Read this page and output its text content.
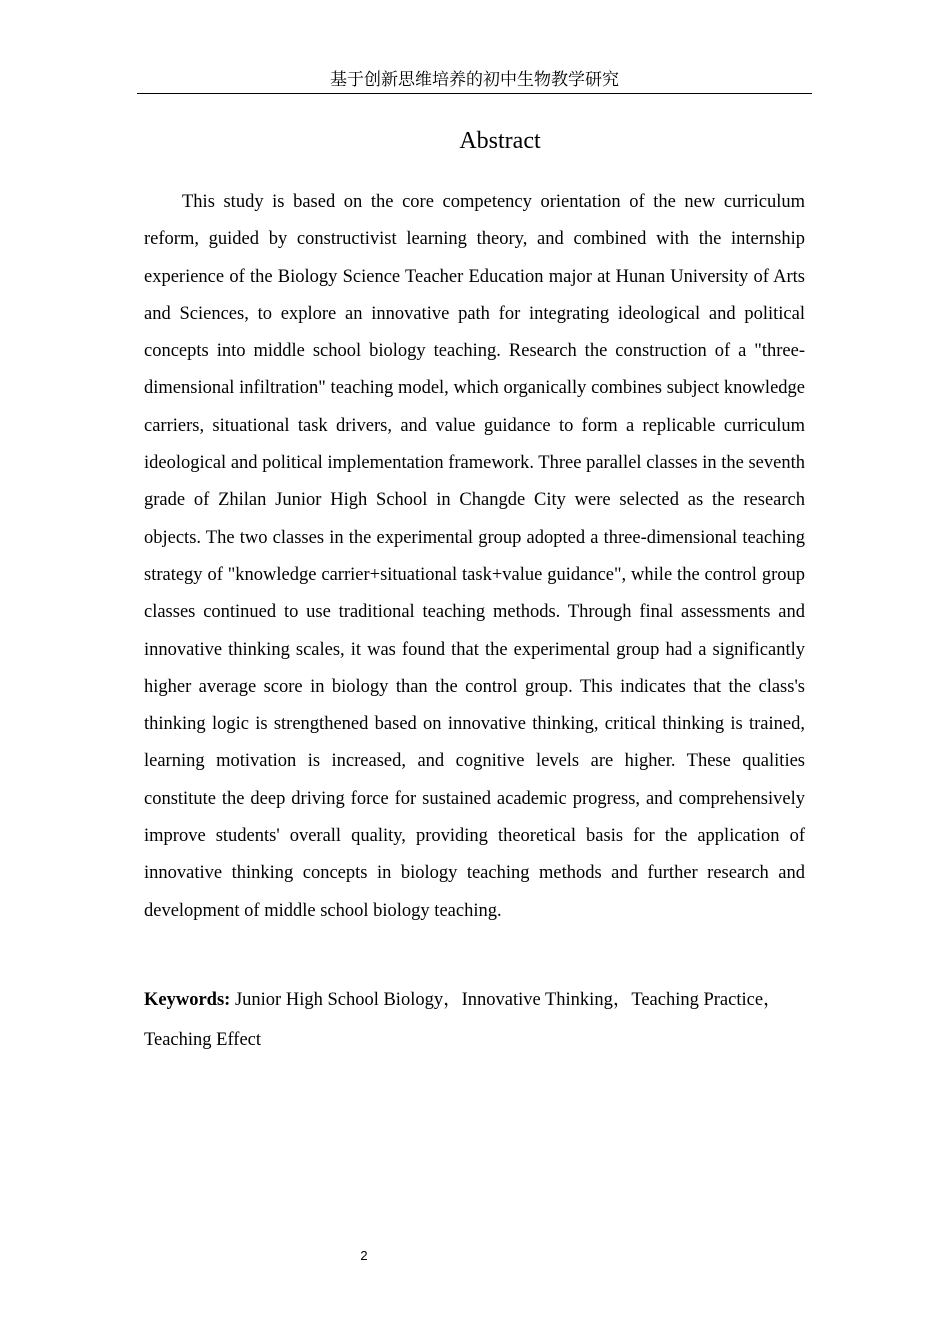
基于创新思维培养的初中生物教学研究
Abstract

This study is based on the core competency orientation of the new curriculum reform, guided by constructivist learning theory, and combined with the internship experience of the Biology Science Teacher Education major at Hunan University of Arts and Sciences, to explore an innovative path for integrating ideological and political concepts into middle school biology teaching. Research the construction of a "three-dimensional infiltration" teaching model, which organically combines subject knowledge carriers, situational task drivers, and value guidance to form a replicable curriculum ideological and political implementation framework. Three parallel classes in the seventh grade of Zhilan Junior High School in Changde City were selected as the research objects. The two classes in the experimental group adopted a three-dimensional teaching strategy of "knowledge carrier+situational task+value guidance", while the control group classes continued to use traditional teaching methods. Through final assessments and innovative thinking scales, it was found that the experimental group had a significantly higher average score in biology than the control group. This indicates that the class's thinking logic is strengthened based on innovative thinking, critical thinking is trained, learning motivation is increased, and cognitive levels are higher. These qualities constitute the deep driving force for sustained academic progress, and comprehensively improve students' overall quality, providing theoretical basis for the application of innovative thinking concepts in biology teaching methods and further research and development of middle school biology teaching.

Keywords: Junior High School Biology，Innovative Thinking，Teaching Practice，Teaching Effect

2
